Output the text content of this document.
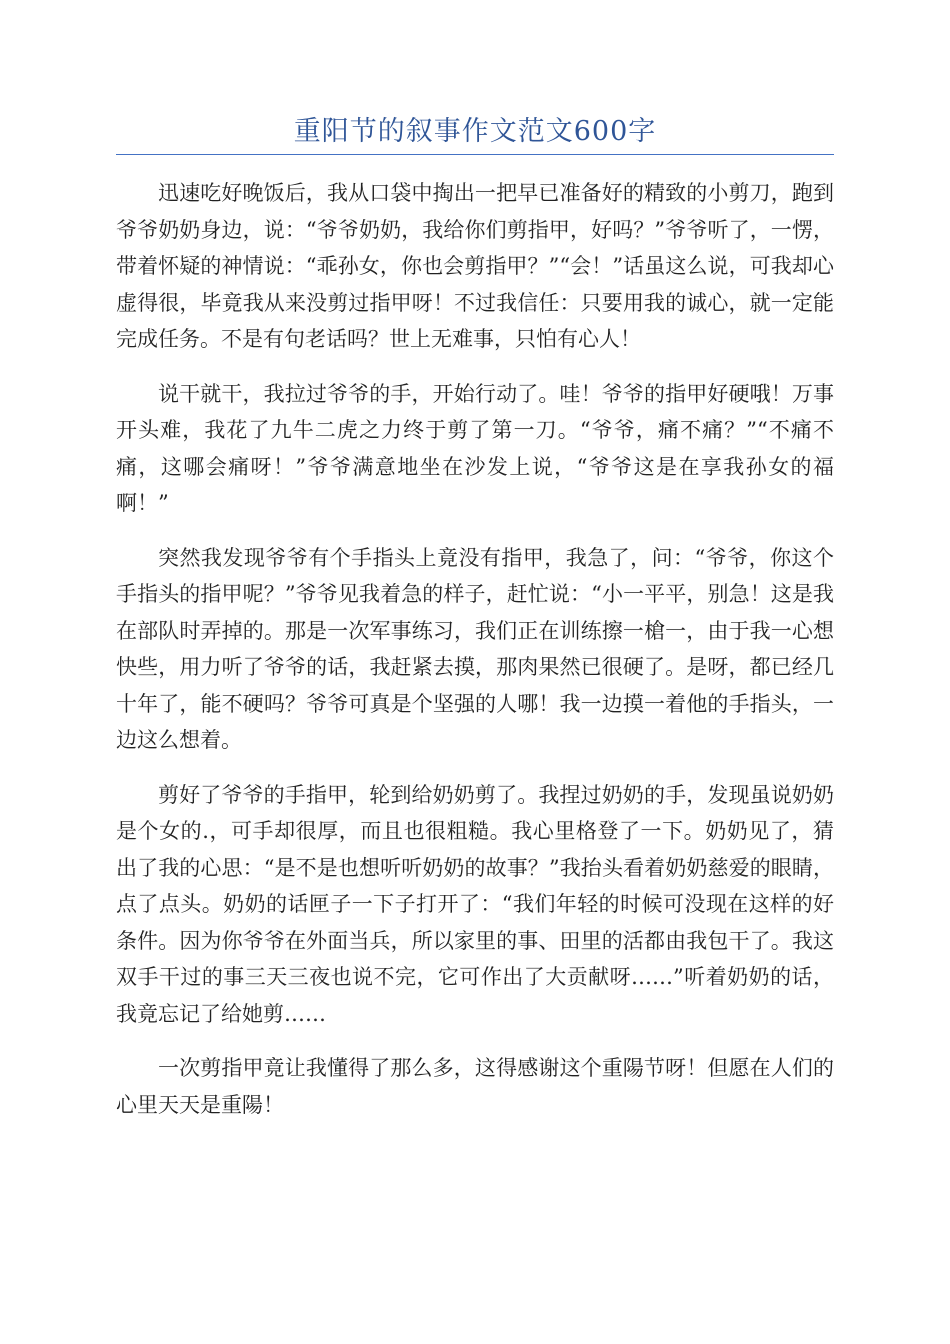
重阳节的叙事作文范文600字

迅速吃好晚饭后，我从口袋中掏出一把早已准备好的精致的小剪刀，跑到爷爷奶奶身边，说：“爷爷奶奶，我给你们剪指甲，好吗？”爷爷听了，一愣，带着怀疑的神情说：“乖孙女，你也会剪指甲？”“会！”话虽这么说，可我却心虚得很，毕竟我从来没剪过指甲呀！不过我信任：只要用我的诚心，就一定能完成任务。不是有句老话吗？世上无难事，只怕有心人！

说干就干，我拉过爷爷的手，开始行动了。哇！爷爷的指甲好硬哦！万事开头难，我花了九牛二虎之力终于剪了第一刀。“爷爷，痛不痛？”“不痛不痛，这哪会痛呀！”爷爷满意地坐在沙发上说，“爷爷这是在享我孙女的福啊！”

突然我发现爷爷有个手指头上竟没有指甲，我急了，问：“爷爷，你这个手指头的指甲呢？”爷爷见我着急的样子，赶忙说：“小一平平，别急！这是我在部队时弄掉的。那是一次军事练习，我们正在训练擦一槍一，由于我一心想快些，用力听了爷爷的话，我赶紧去摸，那肉果然已很硬了。是呀，都已经几十年了，能不硬吗？爷爷可真是个坚强的人哪！我一边摸一着他的手指头，一边这么想着。

剪好了爷爷的手指甲，轮到给奶奶剪了。我捏过奶奶的手，发现虽说奶奶是个女的.，可手却很厚，而且也很粗糙。我心里格登了一下。奶奶见了，猜出了我的心思：“是不是也想听听奶奶的故事？”我抬头看着奶奶慈爱的眼睛，点了点头。奶奶的话匣子一下子打开了：“我们年轻的时候可没现在这样的好条件。因为你爷爷在外面当兵，所以家里的事、田里的活都由我包干了。我这双手干过的事三天三夜也说不完，它可作出了大贡献呀……”听着奶奶的话，我竟忘记了给她剪……

一次剪指甲竟让我懂得了那么多，这得感谢这个重陽节呀！但愿在人们的心里天天是重陽！
